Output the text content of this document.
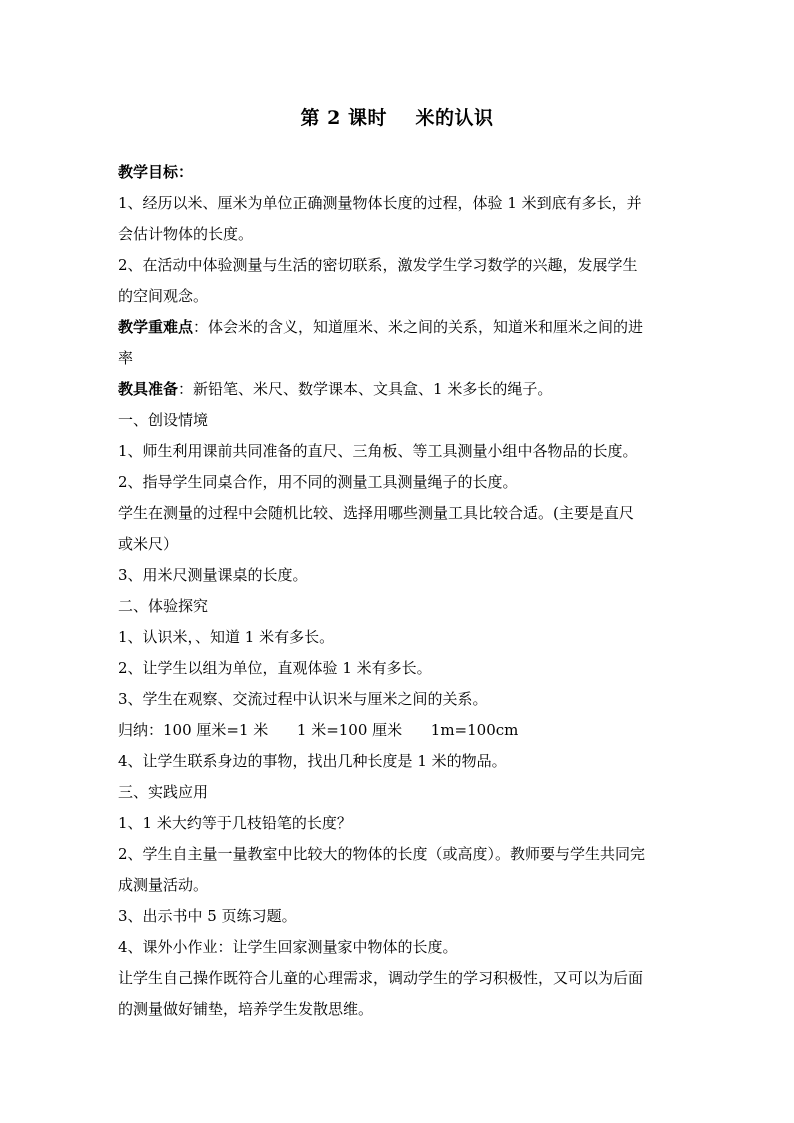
第 2 课时    米的认识
教学目标：
1、经历以米、厘米为单位正确测量物体长度的过程，体验 1 米到底有多长，并
会估计物体的长度。
2、在活动中体验测量与生活的密切联系，激发学生学习数学的兴趣，发展学生
的空间观念。
教学重难点：体会米的含义，知道厘米、米之间的关系，知道米和厘米之间的进
率
教具准备：新铅笔、米尺、数学课本、文具盒、1 米多长的绳子。
一、创设情境
1、师生利用课前共同准备的直尺、三角板、等工具测量小组中各物品的长度。
2、指导学生同桌合作，用不同的测量工具测量绳子的长度。
学生在测量的过程中会随机比较、选择用哪些测量工具比较合适。(主要是直尺
或米尺）
3、用米尺测量课桌的长度。
二、体验探究
1、认识米，、知道 1 米有多长。
2、让学生以组为单位，直观体验 1 米有多长。
3、学生在观察、交流过程中认识米与厘米之间的关系。
归纳：100 厘米=1 米      1 米=100 厘米      1m=100cm
4、让学生联系身边的事物，找出几种长度是 1 米的物品。
三、实践应用
1、1 米大约等于几枝铅笔的长度？
2、学生自主量一量教室中比较大的物体的长度（或高度）。教师要与学生共同完
成测量活动。
3、出示书中 5 页练习题。
4、课外小作业：让学生回家测量家中物体的长度。
让学生自己操作既符合儿童的心理需求，调动学生的学习积极性，又可以为后面
的测量做好铺垫，培养学生发散思维。
